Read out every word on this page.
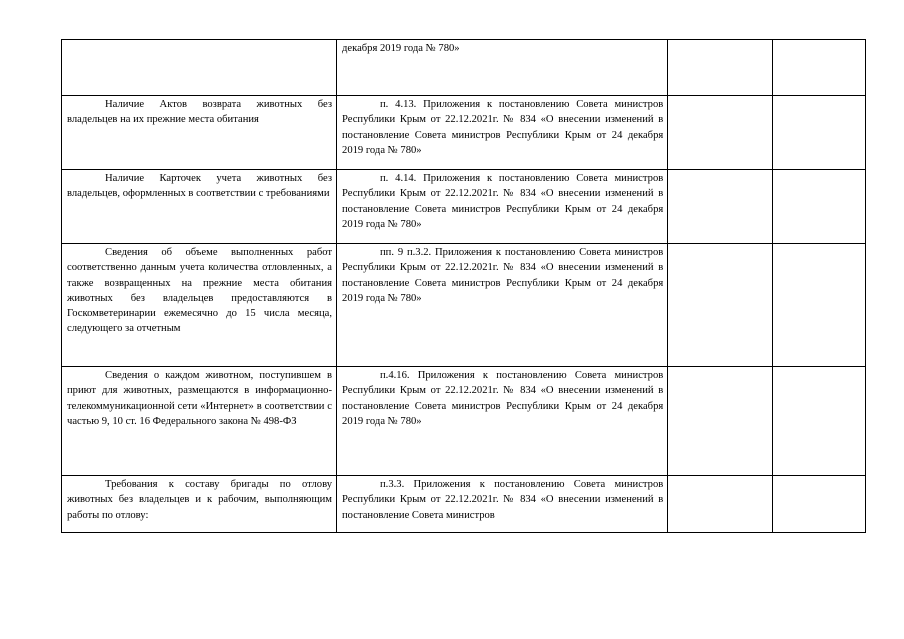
	декабря 2019 года № 780»		
Наличие Актов возврата животных без владельцев на их прежние места обитания	п. 4.13. Приложения к постановлению Совета министров Республики Крым от 22.12.2021г. № 834 «О внесении изменений в постановление Совета министров Республики Крым от 24 декабря 2019 года № 780»		
Наличие Карточек учета животных без владельцев, оформленных в соответствии с требованиями	п. 4.14. Приложения к постановлению Совета министров Республики Крым от 22.12.2021г. № 834 «О внесении изменений в постановление Совета министров Республики Крым от 24 декабря 2019 года № 780»		
Сведения об объеме выполненных работ соответственно данным учета количества отловленных, а также возвращенных на прежние места обитания животных без владельцев предоставляются в Госкомветеринарии ежемесячно до 15 числа месяца, следующего за отчетным	пп. 9 п.3.2. Приложения к постановлению Совета министров Республики Крым от 22.12.2021г. № 834 «О внесении изменений в постановление Совета министров Республики Крым от 24 декабря 2019 года № 780»		
Сведения о каждом животном, поступившем в приют для животных, размещаются в информационно-телекоммуникационной сети «Интернет» в соответствии с частью 9, 10 ст. 16 Федерального закона № 498-ФЗ	п.4.16. Приложения к постановлению Совета министров Республики Крым от 22.12.2021г. № 834 «О внесении изменений в постановление Совета министров Республики Крым от 24 декабря 2019 года № 780»		
Требования к составу бригады по отлову животных без владельцев и к рабочим, выполняющим работы по отлову:	п.3.3. Приложения к постановлению Совета министров Республики Крым от 22.12.2021г. № 834 «О внесении изменений в постановление Совета министров		
